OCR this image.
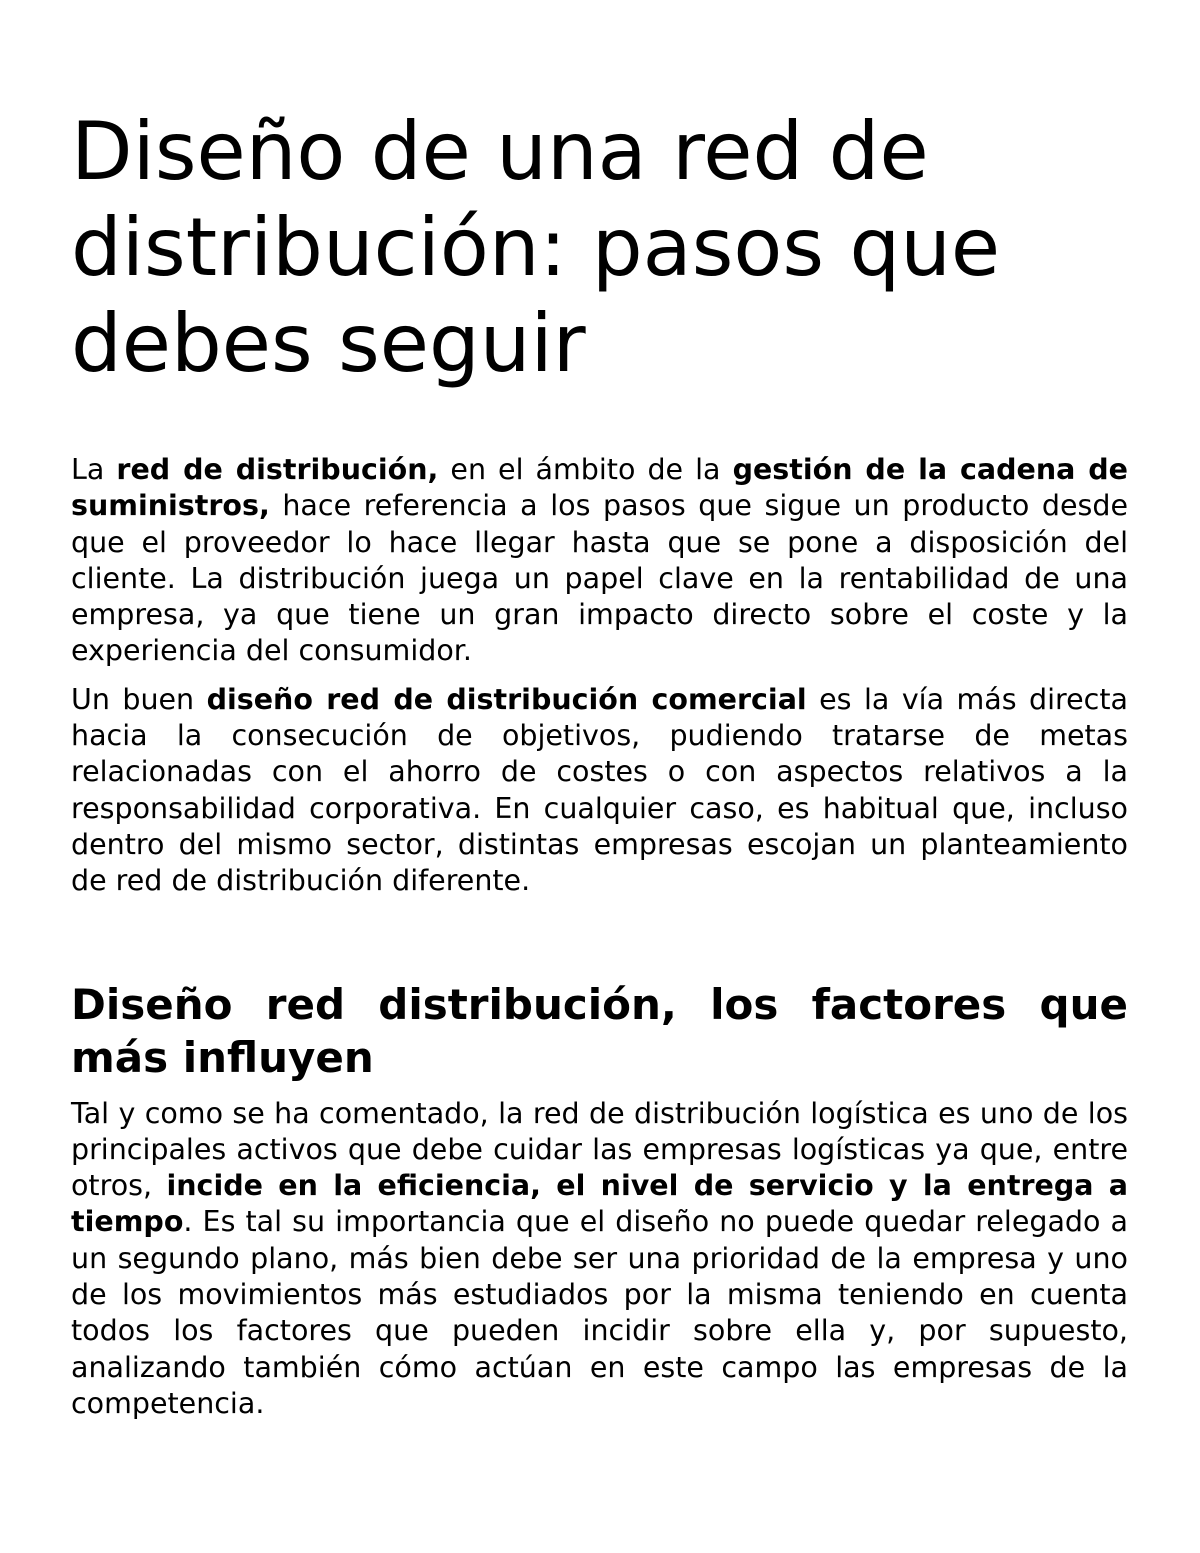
Diseño de una red de distribución: pasos que debes seguir

La red de distribución, en el ámbito de la gestión de la cadena de suministros, hace referencia a los pasos que sigue un producto desde que el proveedor lo hace llegar hasta que se pone a disposición del cliente. La distribución juega un papel clave en la rentabilidad de una empresa, ya que tiene un gran impacto directo sobre el coste y la experiencia del consumidor.

Un buen diseño red de distribución comercial es la vía más directa hacia la consecución de objetivos, pudiendo tratarse de metas relacionadas con el ahorro de costes o con aspectos relativos a la responsabilidad corporativa. En cualquier caso, es habitual que, incluso dentro del mismo sector, distintas empresas escojan un planteamiento de red de distribución diferente.

Diseño red distribución, los factores que más influyen

Tal y como se ha comentado, la red de distribución logística es uno de los principales activos que debe cuidar las empresas logísticas ya que, entre otros, incide en la eficiencia, el nivel de servicio y la entrega a tiempo. Es tal su importancia que el diseño no puede quedar relegado a un segundo plano, más bien debe ser una prioridad de la empresa y uno de los movimientos más estudiados por la misma teniendo en cuenta todos los factores que pueden incidir sobre ella y, por supuesto, analizando también cómo actúan en este campo las empresas de la competencia.
